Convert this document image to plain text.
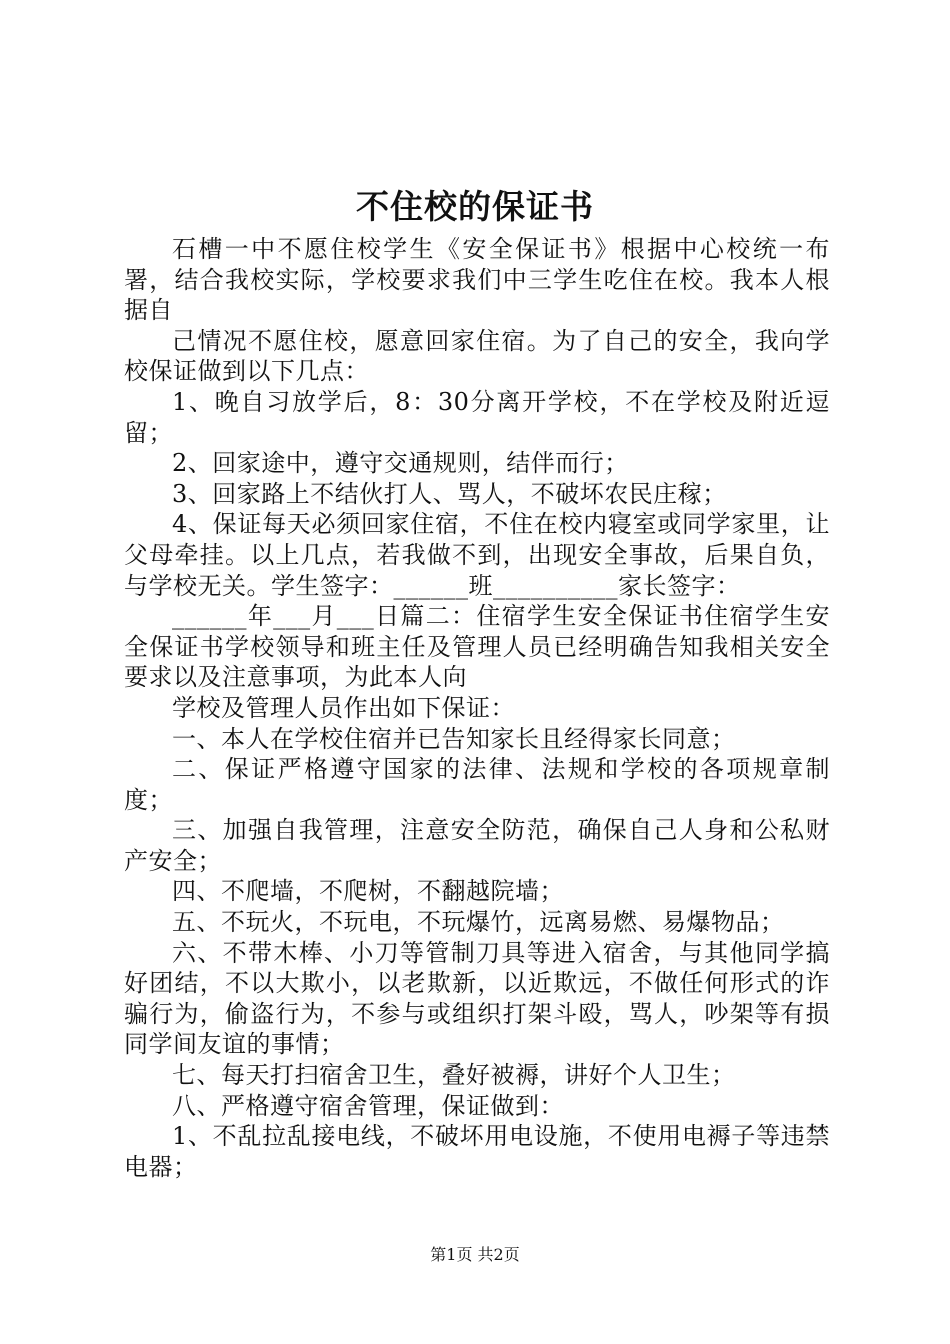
不住校的保证书

石槽一中不愿住校学生《安全保证书》根据中心校统一布署，结合我校实际，学校要求我们中三学生吃住在校。我本人根据自

己情况不愿住校，愿意回家住宿。为了自己的安全，我向学校保证做到以下几点：

1、晚自习放学后，8：30分离开学校，不在学校及附近逗留；

2、回家途中，遵守交通规则，结伴而行；

3、回家路上不结伙打人、骂人，不破坏农民庄稼；

4、保证每天必须回家住宿，不住在校内寝室或同学家里，让父母牵挂。以上几点，若我做不到，出现安全事故，后果自负，与学校无关。学生签字：______班__________家长签字：

______年___月___日篇二：住宿学生安全保证书住宿学生安全保证书学校领导和班主任及管理人员已经明确告知我相关安全要求以及注意事项，为此本人向

学校及管理人员作出如下保证：

一、本人在学校住宿并已告知家长且经得家长同意；

二、保证严格遵守国家的法律、法规和学校的各项规章制度；

三、加强自我管理，注意安全防范，确保自己人身和公私财产安全；

四、不爬墙，不爬树，不翻越院墙；

五、不玩火，不玩电，不玩爆竹，远离易燃、易爆物品；

六、不带木棒、小刀等管制刀具等进入宿舍，与其他同学搞好团结，不以大欺小，以老欺新，以近欺远，不做任何形式的诈骗行为，偷盗行为，不参与或组织打架斗殴，骂人，吵架等有损同学间友谊的事情；

七、每天打扫宿舍卫生，叠好被褥，讲好个人卫生；

八、严格遵守宿舍管理，保证做到：

1、不乱拉乱接电线，不破坏用电设施，不使用电褥子等违禁电器；

第1页 共2页
